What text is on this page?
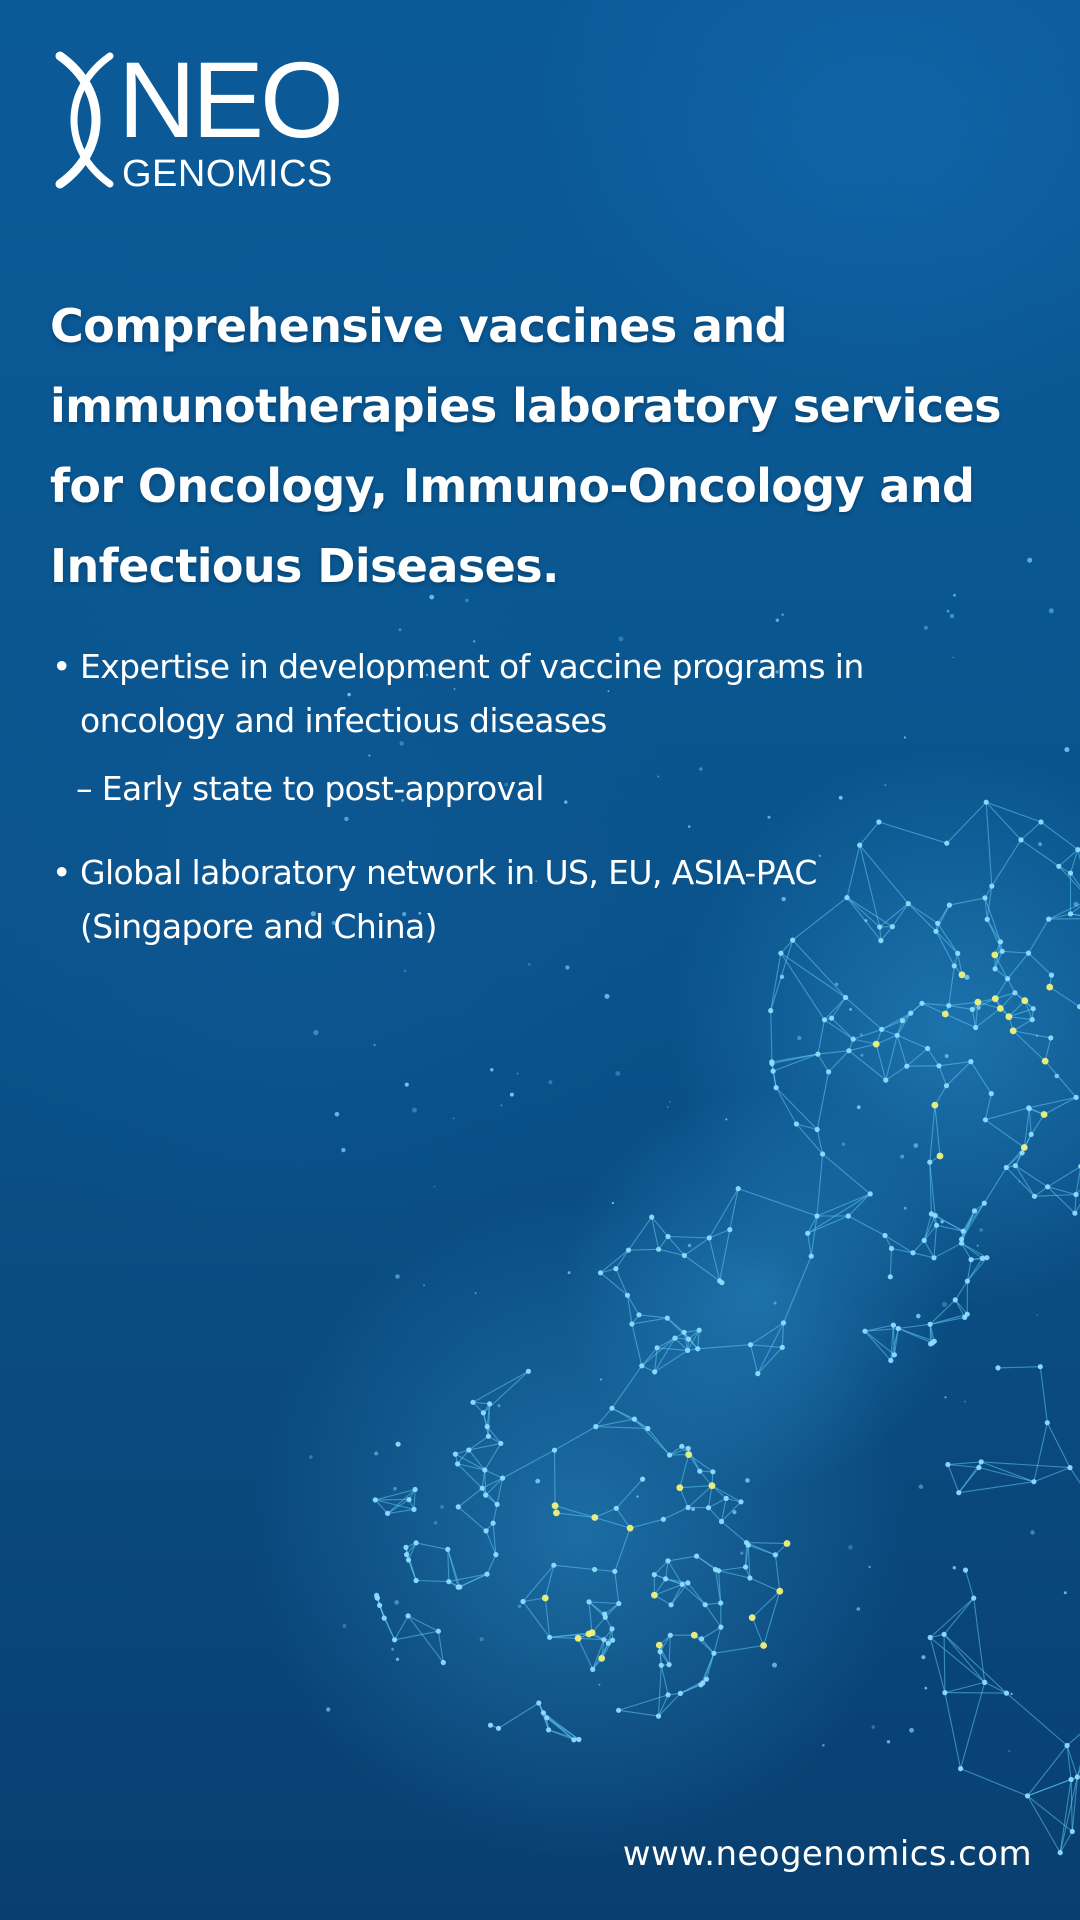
NEO
GENOMICS
Comprehensive vaccines and immunotherapies laboratory services for Oncology, Immuno-Oncology and Infectious Diseases.
• Expertise in development of vaccine programs in oncology and infectious diseases
– Early state to post-approval
• Global laboratory network in US, EU, ASIA-PAC (Singapore and China)
www.neogenomics.com
